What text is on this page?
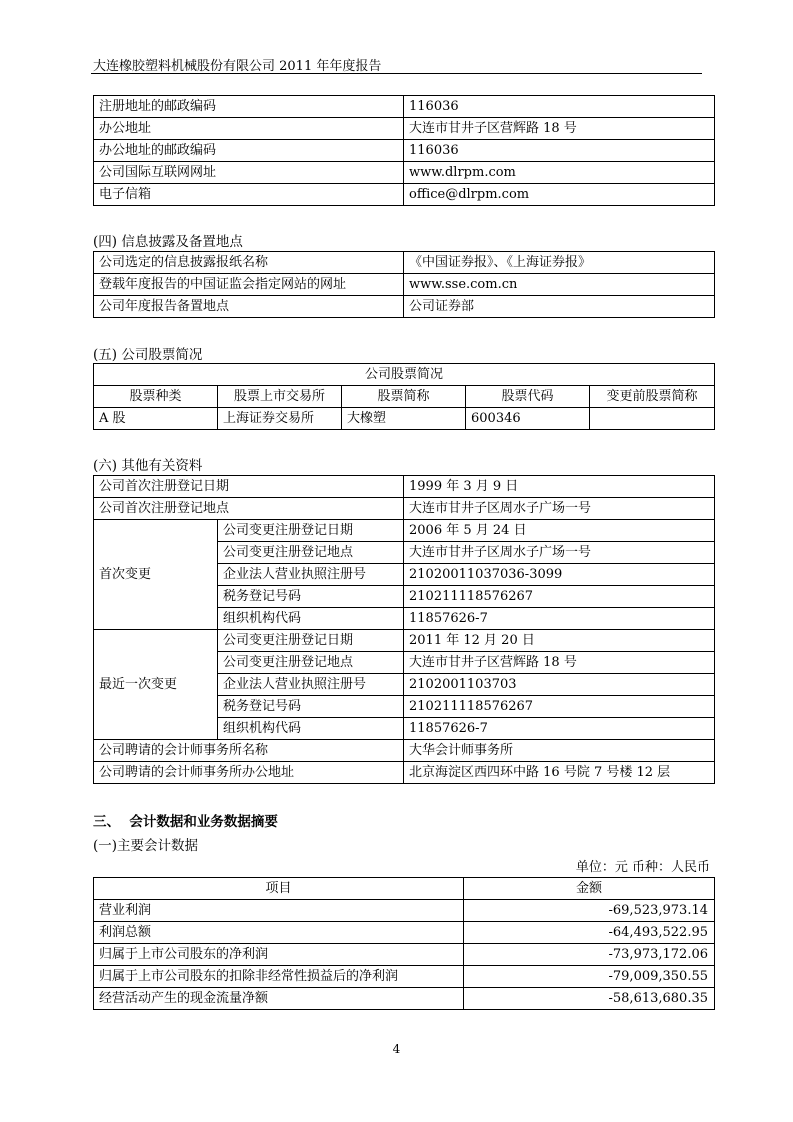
大连橡胶塑料机械股份有限公司 2011 年年度报告
注册地址的邮政编码	116036
办公地址	大连市甘井子区营辉路 18 号
办公地址的邮政编码	116036
公司国际互联网网址	www.dlrpm.com
电子信箱	office@dlrpm.com
(四) 信息披露及备置地点
公司选定的信息披露报纸名称	《中国证券报》、《上海证券报》
登载年度报告的中国证监会指定网站的网址	www.sse.com.cn
公司年度报告备置地点	公司证券部
(五) 公司股票简况
公司股票简况				
股票种类	股票上市交易所	股票简称	股票代码	变更前股票简称
A 股	上海证券交易所	大橡塑	600346	
(六) 其他有关资料
公司首次注册登记日期		1999 年 3 月 9 日
公司首次注册登记地点		大连市甘井子区周水子广场一号
首次变更	公司变更注册登记日期	2006 年 5 月 24 日
	公司变更注册登记地点	大连市甘井子区周水子广场一号
	企业法人营业执照注册号	21020011037036-3099
	税务登记号码	210211118576267
	组织机构代码	11857626-7
最近一次变更	公司变更注册登记日期	2011 年 12 月 20 日
	公司变更注册登记地点	大连市甘井子区营辉路 18 号
	企业法人营业执照注册号	2102001103703
	税务登记号码	210211118576267
	组织机构代码	11857626-7
公司聘请的会计师事务所名称		大华会计师事务所
公司聘请的会计师事务所办公地址		北京海淀区西四环中路 16 号院 7 号楼 12 层
三、  会计数据和业务数据摘要
(一)主要会计数据
单位：元 币种：人民币
项目	金额
营业利润	-69,523,973.14
利润总额	-64,493,522.95
归属于上市公司股东的净利润	-73,973,172.06
归属于上市公司股东的扣除非经常性损益后的净利润	-79,009,350.55
经营活动产生的现金流量净额	-58,613,680.35
4
